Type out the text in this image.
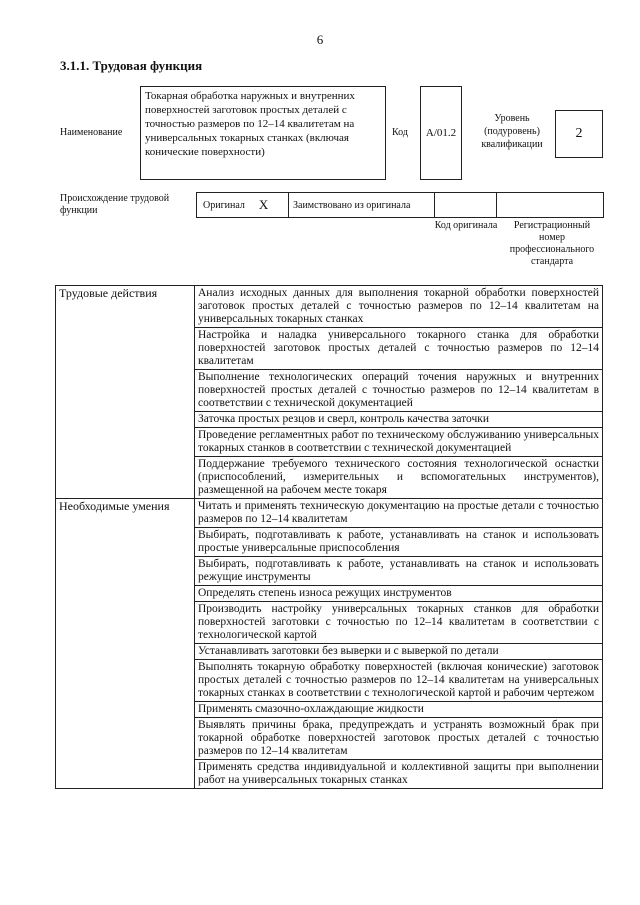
6
3.1.1. Трудовая функция
Наименование
Токарная обработка наружных и внутренних поверхностей заготовок простых деталей с точностью размеров по 12–14 квалитетам на универсальных токарных станках (включая конические поверхности)
Код	А/01.2
Уровень (подуровень) квалификации
2
Происхождение трудовой функции	Оригинал X	Заимствовано из оригинала
Код оригинала	Регистрационный номер профессионального стандарта
Трудовые действия	Анализ исходных данных для выполнения токарной обработки поверхностей заготовок простых деталей с точностью размеров по 12–14 квалитетам на универсальных токарных станках
	Настройка и наладка универсального токарного станка для обработки поверхностей заготовок простых деталей с точностью размеров по 12–14 квалитетам
	Выполнение технологических операций точения наружных и внутренних поверхностей простых деталей с точностью размеров по 12–14 квалитетам в соответствии с технической документацией
	Заточка простых резцов и сверл, контроль качества заточки
	Проведение регламентных работ по техническому обслуживанию универсальных токарных станков в соответствии с технической документацией
	Поддержание требуемого технического состояния технологической оснастки (приспособлений, измерительных и вспомогательных инструментов), размещенной на рабочем месте токаря
Необходимые умения	Читать и применять техническую документацию на простые детали с точностью размеров по 12–14 квалитетам
	Выбирать, подготавливать к работе, устанавливать на станок и использовать простые универсальные приспособления
	Выбирать, подготавливать к работе, устанавливать на станок и использовать режущие инструменты
	Определять степень износа режущих инструментов
	Производить настройку универсальных токарных станков для обработки поверхностей заготовки с точностью по 12–14 квалитетам в соответствии с технологической картой
	Устанавливать заготовки без выверки и с выверкой по детали
	Выполнять токарную обработку поверхностей (включая конические) заготовок простых деталей с точностью размеров по 12–14 квалитетам на универсальных токарных станках в соответствии с технологической картой и рабочим чертежом
	Применять смазочно-охлаждающие жидкости
	Выявлять причины брака, предупреждать и устранять возможный брак при токарной обработке поверхностей заготовок простых деталей с точностью размеров по 12–14 квалитетам
	Применять средства индивидуальной и коллективной защиты при выполнении работ на универсальных токарных станках
